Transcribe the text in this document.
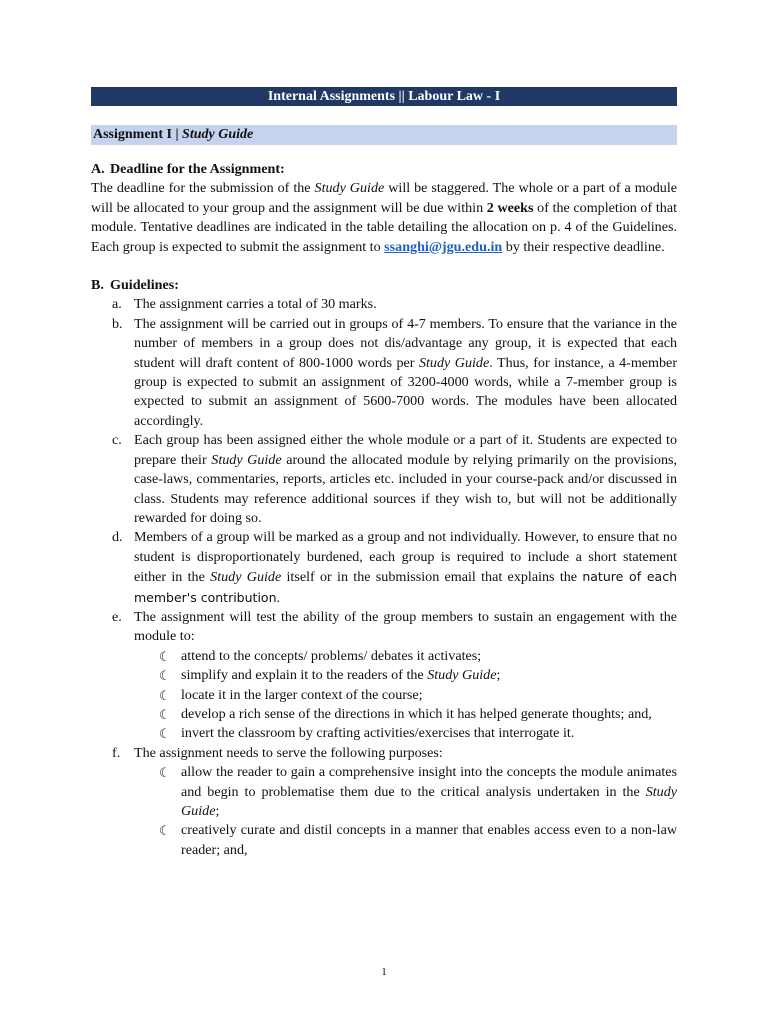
Internal Assignments || Labour Law - I
Assignment I | Study Guide

A. Deadline for the Assignment:

The deadline for the submission of the Study Guide will be staggered. The whole or a part of a module will be allocated to your group and the assignment will be due within 2 weeks of the completion of that module. Tentative deadlines are indicated in the table detailing the allocation on p. 4 of the Guidelines. Each group is expected to submit the assignment to ssanghi@jgu.edu.in by their respective deadline.

B. Guidelines:

a. The assignment carries a total of 30 marks.
b. The assignment will be carried out in groups of 4-7 members. To ensure that the variance in the number of members in a group does not dis/advantage any group, it is expected that each student will draft content of 800-1000 words per Study Guide. Thus, for instance, a 4-member group is expected to submit an assignment of 3200-4000 words, while a 7-member group is expected to submit an assignment of 5600-7000 words. The modules have been allocated accordingly.
c. Each group has been assigned either the whole module or a part of it. Students are expected to prepare their Study Guide around the allocated module by relying primarily on the provisions, case-laws, commentaries, reports, articles etc. included in your course-pack and/or discussed in class. Students may reference additional sources if they wish to, but will not be additionally rewarded for doing so.
d. Members of a group will be marked as a group and not individually. However, to ensure that no student is disproportionately burdened, each group is required to include a short statement either in the Study Guide itself or in the submission email that explains the nature of each member's contribution.
e. The assignment will test the ability of the group members to sustain an engagement with the module to:
☾ attend to the concepts/ problems/ debates it activates;
☾ simplify and explain it to the readers of the Study Guide;
☾ locate it in the larger context of the course;
☾ develop a rich sense of the directions in which it has helped generate thoughts; and,
☾ invert the classroom by crafting activities/exercises that interrogate it.
f. The assignment needs to serve the following purposes:
☾ allow the reader to gain a comprehensive insight into the concepts the module animates and begin to problematise them due to the critical analysis undertaken in the Study Guide;
☾ creatively curate and distil concepts in a manner that enables access even to a non-law reader; and,
1
